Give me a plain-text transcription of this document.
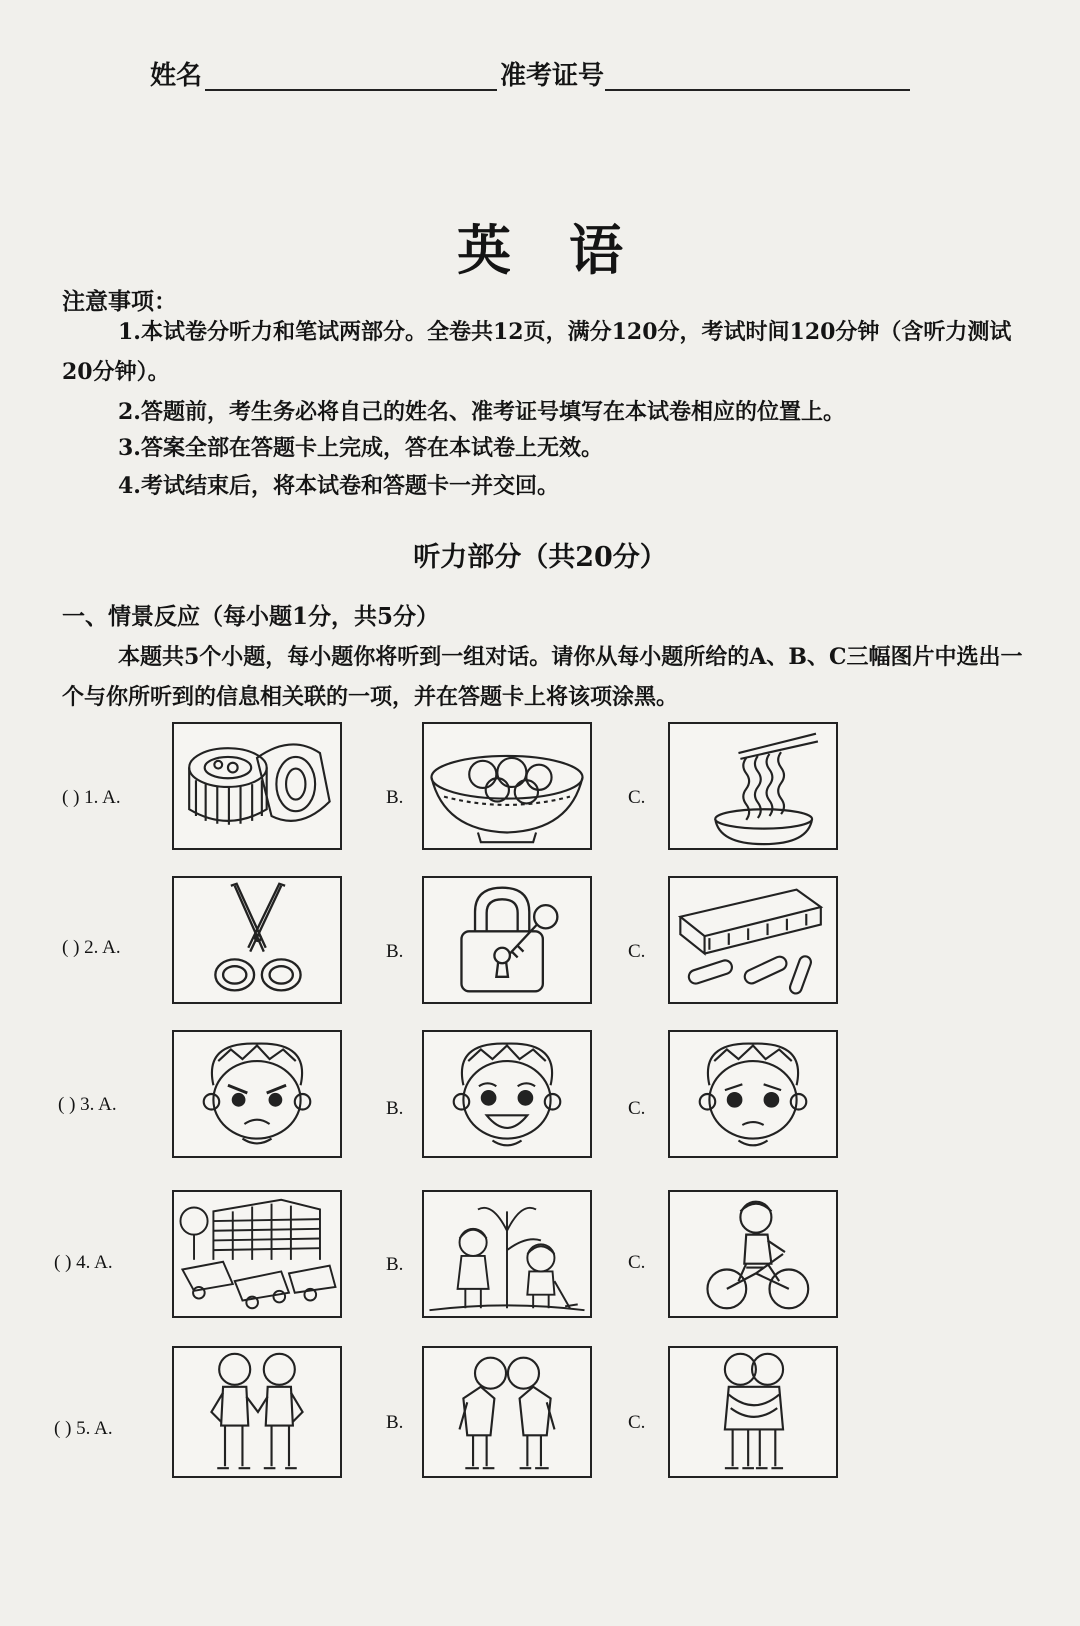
姓名	准考证号
英语
注意事项：
1.本试卷分听力和笔试两部分。全卷共12页，满分120分，考试时间120分钟（含听力测试20分钟）。
2.答题前，考生务必将自己的姓名、准考证号填写在本试卷相应的位置上。
3.答案全部在答题卡上完成，答在本试卷上无效。
4.考试结束后，将本试卷和答题卡一并交回。
听力部分（共20分）
一、情景反应（每小题1分，共5分）
本题共5个小题，每小题你将听到一组对话。请你从每小题所给的A、B、C三幅图片中选出一个与你所听到的信息相关联的一项，并在答题卡上将该项涂黑。
( ) 1. A.	B.	C.
( ) 2. A.	B.	C.
( ) 3. A.	B.	C.
( ) 4. A.	B.	C.
( ) 5. A.	B.	C.
